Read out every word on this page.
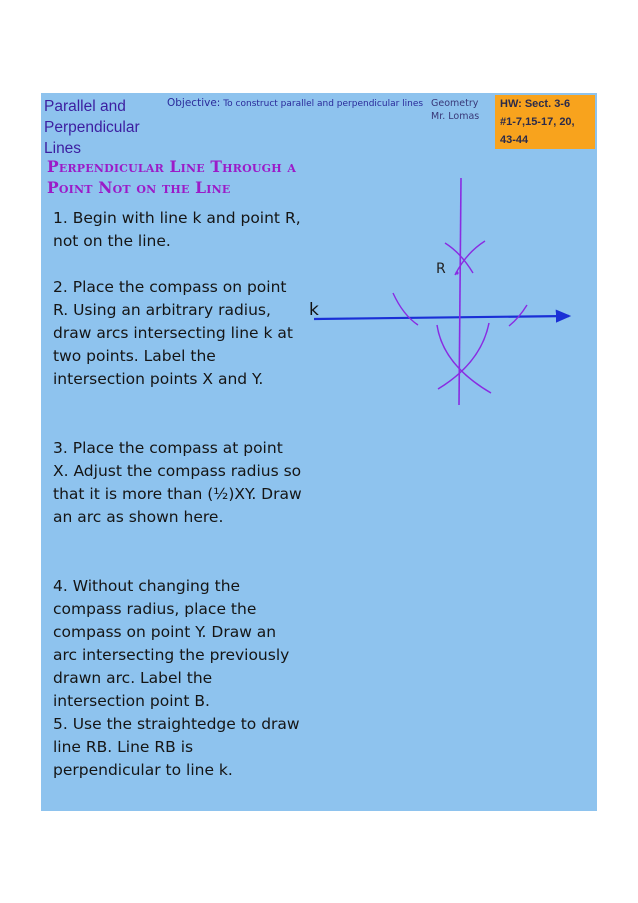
Parallel and
Perpendicular
Lines
Objective: To construct parallel and perpendicular lines Geometry
Mr. Lomas
HW: Sect. 3-6
#1-7,15-17, 20,
43-44
Perpendicular Line Through a
Point Not on the Line

1. Begin with line k and point R, not on the line.

2. Place the compass on point R. Using an arbitrary radius, draw arcs intersecting line k at two points. Label the intersection points X and Y.

3. Place the compass at point X. Adjust the compass radius so that it is more than (½)XY. Draw an arc as shown here.

4. Without changing the compass radius, place the compass on point Y. Draw an arc intersecting the previously drawn arc. Label the intersection point B.

5. Use the straightedge to draw line RB. Line RB is perpendicular to line k.

R
k
